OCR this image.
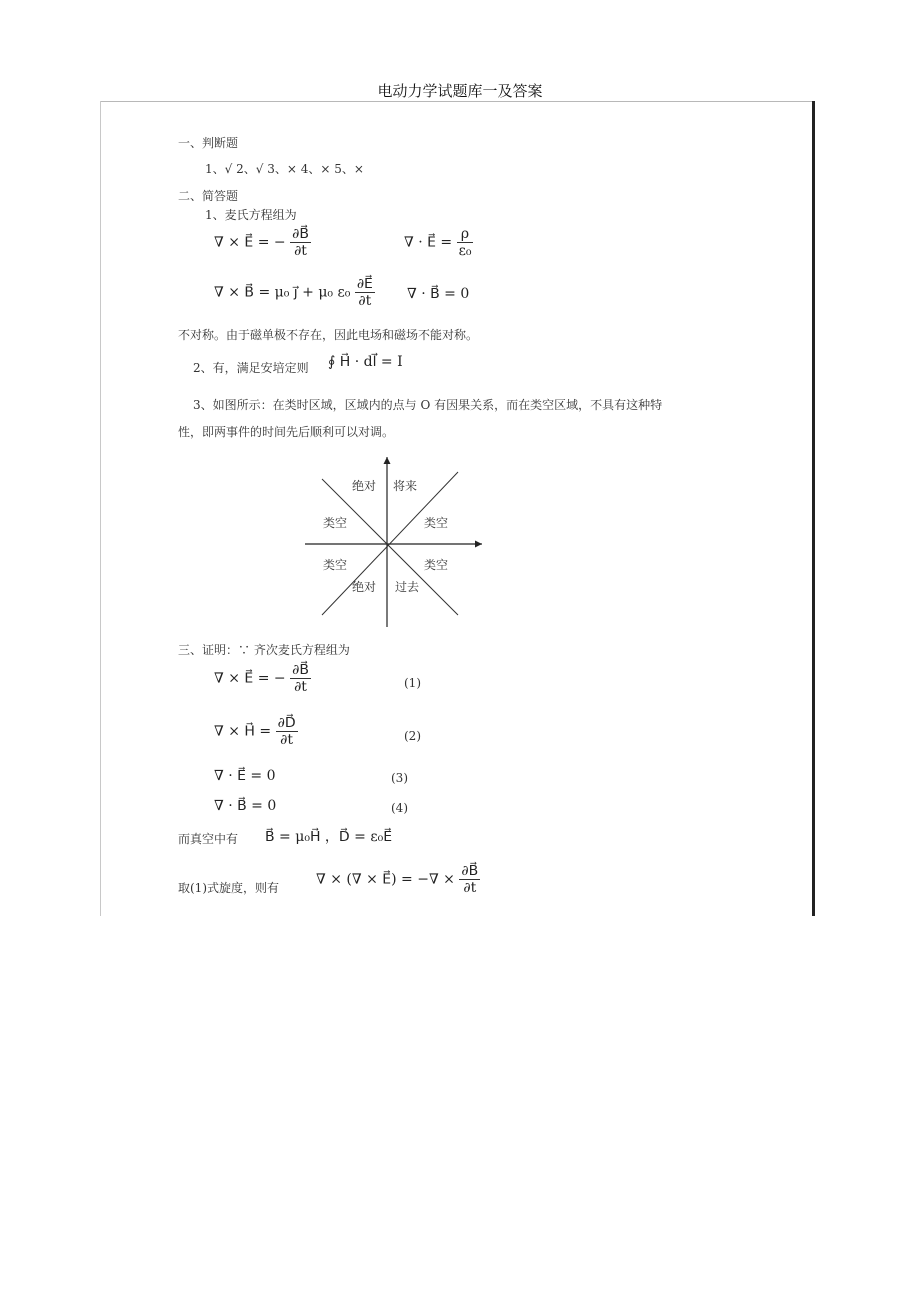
电动力学试题库一及答案
一、判断题
1、√ 2、√ 3、× 4、× 5、×
二、简答题
1、麦氏方程组为
∇ × E⃗ = − $\frac{\partial B⃗}{\partial t}$	∇ · E⃗ = $\frac{\rho}{\text{ε₀}}$
∇ × B⃗ = μ₀ j⃗ + μ₀ $\varepsilon_0 \frac{\partial E⃗}{\partial t}$ ∇ · B⃗ = 0
不对称。由于磁单极不存在，因此电场和磁场不能对称。
2、有，满足安培定则 ∮ H⃗ · dl⃗ = I
3、如图所示：在类时区域，区域内的点与 O 有因果关系，而在类空区域，不具有这种特
性，即两事件的时间先后顺利可以对调。
绝对 将来
类空	类空
类空	类空
绝对 过去
三、证明：∵ 齐次麦氏方程组为
∇ × E⃗ = − $\frac{\partial B⃗}{\partial t}$	(1)
∇ × H⃗ = $\frac{\partial D⃗}{\partial t}$	(2)
∇ · E⃗ = 0	(3)
∇ · B⃗ = 0	(4)
而真空中有 B⃗ = μ₀H⃗ ，D⃗ = ε₀E⃗
取(1)式旋度，则有
∇ × (∇ × E⃗) = −∇ × $\frac{\partial B⃗}{\partial t}$
